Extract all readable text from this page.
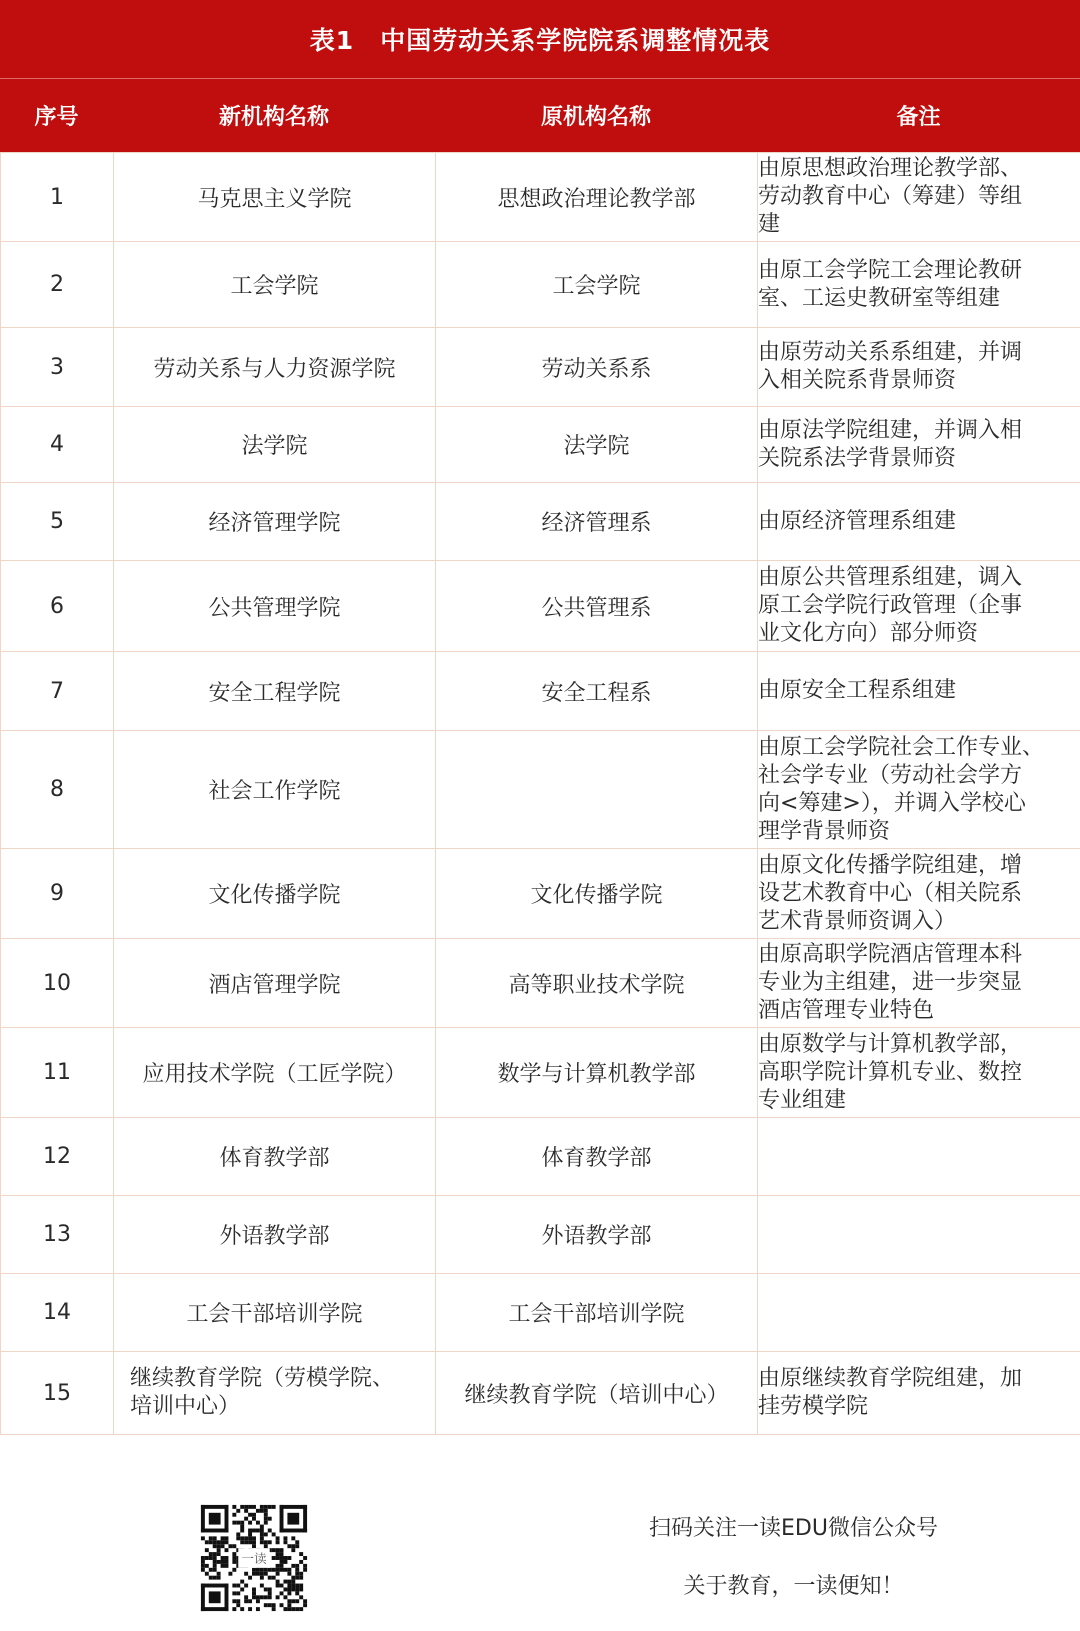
表1　中国劳动关系学院院系调整情况表
序号	新机构名称	原机构名称	备注
1	马克思主义学院	思想政治理论教学部	由原思想政治理论教学部、
劳动教育中心（筹建）等组
建
2	工会学院	工会学院	由原工会学院工会理论教研
室、工运史教研室等组建
3	劳动关系与人力资源学院	劳动关系系	由原劳动关系系组建，并调
入相关院系背景师资
4	法学院	法学院	由原法学院组建，并调入相
关院系法学背景师资
5	经济管理学院	经济管理系	由原经济管理系组建
6	公共管理学院	公共管理系	由原公共管理系组建，调入
原工会学院行政管理（企事
业文化方向）部分师资
7	安全工程学院	安全工程系	由原安全工程系组建
8	社会工作学院		由原工会学院社会工作专业、
社会学专业（劳动社会学方
向<筹建>），并调入学校心
理学背景师资
9	文化传播学院	文化传播学院	由原文化传播学院组建，增
设艺术教育中心（相关院系
艺术背景师资调入）
10	酒店管理学院	高等职业技术学院	由原高职学院酒店管理本科
专业为主组建，进一步突显
酒店管理专业特色
11	应用技术学院（工匠学院）	数学与计算机教学部	由原数学与计算机教学部，
高职学院计算机专业、数控
专业组建
12	体育教学部	体育教学部	
13	外语教学部	外语教学部	
14	工会干部培训学院	工会干部培训学院	
15	继续教育学院（劳模学院、
培训中心）	继续教育学院（培训中心）	由原继续教育学院组建，加
挂劳模学院
一读
扫码关注一读EDU微信公众号
关于教育，一读便知！
